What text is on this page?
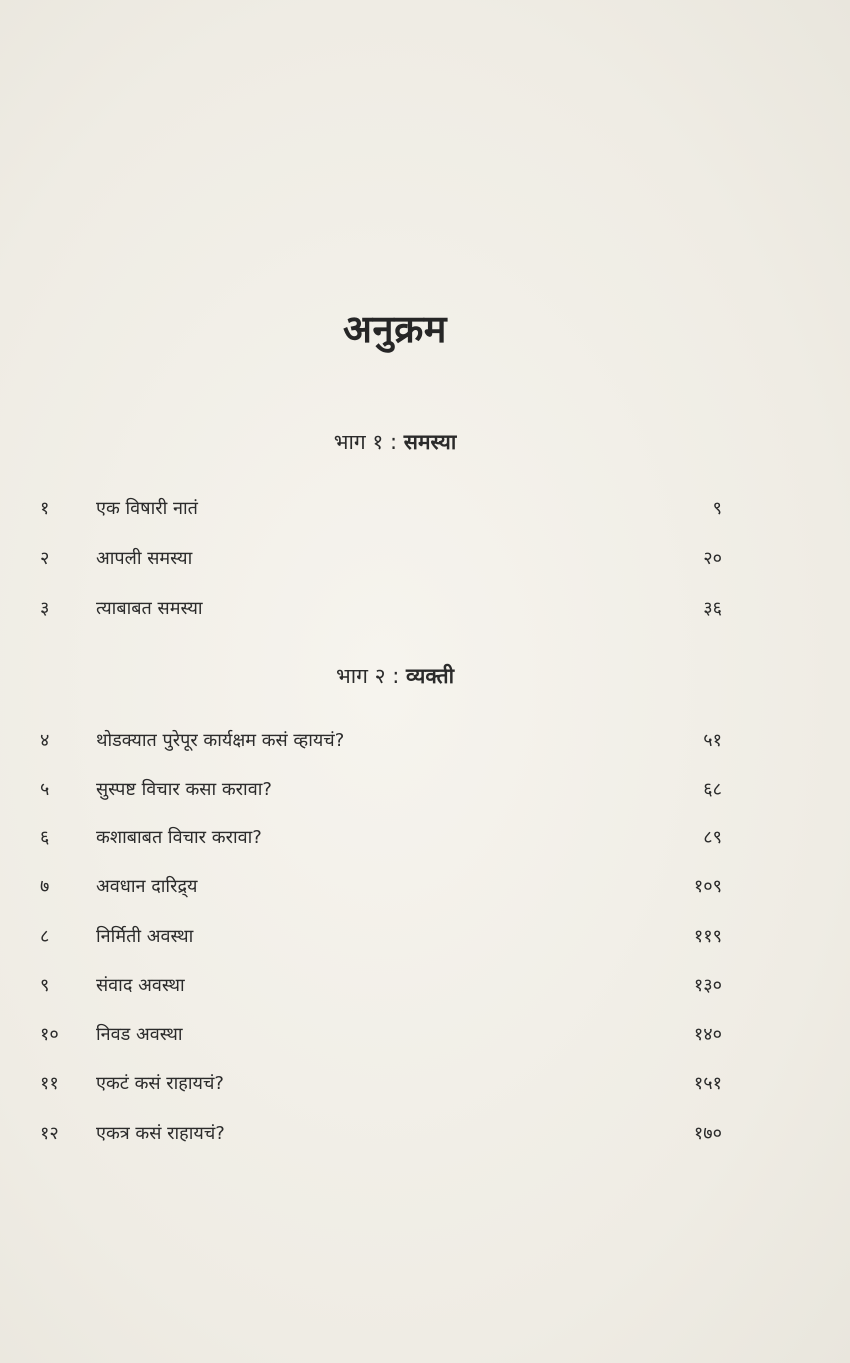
अनुक्रम
भाग १ : समस्या
१	एक विषारी नातं	९
२	आपली समस्या	२०
३	त्याबाबत समस्या	३६
भाग २ : व्यक्ती
४	थोडक्यात पुरेपूर कार्यक्षम कसं व्हायचं?	५१
५	सुस्पष्ट विचार कसा करावा?	६८
६	कशाबाबत विचार करावा?	८९
७	अवधान दारिद्र्य	१०९
८	निर्मिती अवस्था	११९
९	संवाद अवस्था	१३०
१०	निवड अवस्था	१४०
११	एकटं कसं राहायचं?	१५१
१२	एकत्र कसं राहायचं?	१७०
